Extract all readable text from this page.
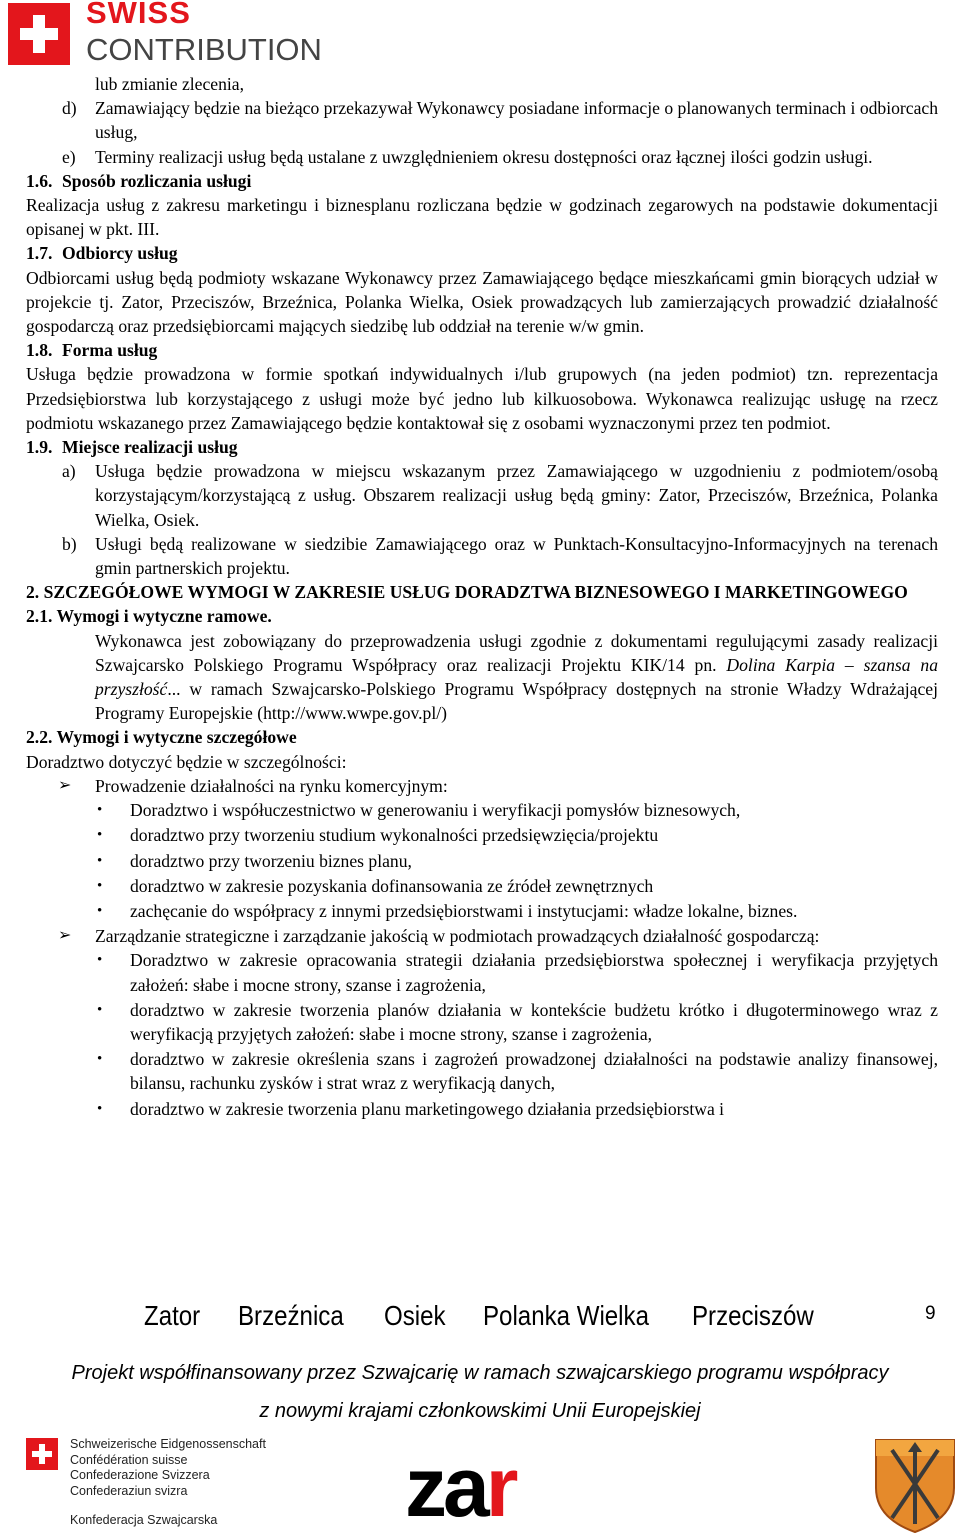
SWISS
CONTRIBUTION

lub zmianie zlecenia,

d) Zamawiający będzie na bieżąco przekazywał Wykonawcy posiadane informacje o planowanych terminach i odbiorcach usług,

e) Terminy realizacji usług będą ustalane z uwzględnieniem okresu dostępności oraz łącznej ilości godzin usługi.

1.6. Sposób rozliczania usługi

Realizacja usług z zakresu marketingu i biznesplanu rozliczana będzie w godzinach zegarowych na podstawie dokumentacji opisanej w pkt. III.

1.7. Odbiorcy usług

Odbiorcami usług będą podmioty wskazane Wykonawcy przez Zamawiającego będące mieszkańcami gmin biorących udział w projekcie tj. Zator, Przeciszów, Brzeźnica, Polanka Wielka, Osiek prowadzących lub zamierzających prowadzić działalność gospodarczą oraz przedsiębiorcami mających siedzibę lub oddział na terenie w/w gmin.

1.8. Forma usług

Usługa będzie prowadzona w formie spotkań indywidualnych i/lub grupowych (na jeden podmiot) tzn. reprezentacja Przedsiębiorstwa lub korzystającego z usługi może być jedno lub kilkuosobowa. Wykonawca realizując usługę na rzecz podmiotu wskazanego przez Zamawiającego będzie kontaktował się z osobami wyznaczonymi przez ten podmiot.

1.9. Miejsce realizacji usług

a) Usługa będzie prowadzona w miejscu wskazanym przez Zamawiającego w uzgodnieniu z podmiotem/osobą korzystającym/korzystającą z usług. Obszarem realizacji usług będą gminy: Zator, Przeciszów, Brzeźnica, Polanka Wielka, Osiek.

b) Usługi będą realizowane w siedzibie Zamawiającego oraz w Punktach-Konsultacyjno-Informacyjnych na terenach gmin partnerskich projektu.

2. SZCZEGÓŁOWE WYMOGI W ZAKRESIE USŁUG DORADZTWA BIZNESOWEGO I MARKETINGOWEGO

2.1. Wymogi i wytyczne ramowe.

Wykonawca jest zobowiązany do przeprowadzenia usługi zgodnie z dokumentami regulującymi zasady realizacji Szwajcarsko Polskiego Programu Współpracy oraz realizacji Projektu KIK/14 pn. Dolina Karpia – szansa na przyszłość... w ramach Szwajcarsko-Polskiego Programu Współpracy dostępnych na stronie Władzy Wdrażającej Programy Europejskie (http://www.wwpe.gov.pl/)

2.2. Wymogi i wytyczne szczegółowe

Doradztwo dotyczyć będzie w szczególności:

➢ Prowadzenie działalności na rynku komercyjnym:

• Doradztwo i współuczestnictwo w generowaniu i weryfikacji pomysłów biznesowych,

• doradztwo przy tworzeniu studium wykonalności przedsięwzięcia/projektu

• doradztwo przy tworzeniu biznes planu,

• doradztwo w zakresie pozyskania dofinansowania ze źródeł zewnętrznych

• zachęcanie do współpracy z innymi przedsiębiorstwami i instytucjami: władze lokalne, biznes.

➢ Zarządzanie strategiczne i zarządzanie jakością w podmiotach prowadzących działalność gospodarczą:

• Doradztwo w zakresie opracowania strategii działania przedsiębiorstwa społecznej i weryfikacja przyjętych założeń: słabe i mocne strony, szanse i zagrożenia,

• doradztwo w zakresie tworzenia planów działania w kontekście budżetu krótko i długoterminowego wraz z weryfikacją przyjętych założeń: słabe i mocne strony, szanse i zagrożenia,

• doradztwo w zakresie określenia szans i zagrożeń prowadzonej działalności na podstawie analizy finansowej, bilansu, rachunku zysków i strat wraz z weryfikacją danych,

• doradztwo w zakresie tworzenia planu marketingowego działania przedsiębiorstwa i

Zator Brzeźnica Osiek Polanka Wielka Przeciszów	9
Projekt współfinansowany przez Szwajcarię w ramach szwajcarskiego programu współpracy
z nowymi krajami członkowskimi Unii Europejskiej
Schweizerische Eidgenossenschaft
Confédération suisse
Confederazione Svizzera
Confederaziun svizra
Konfederacja Szwajcarska zar
